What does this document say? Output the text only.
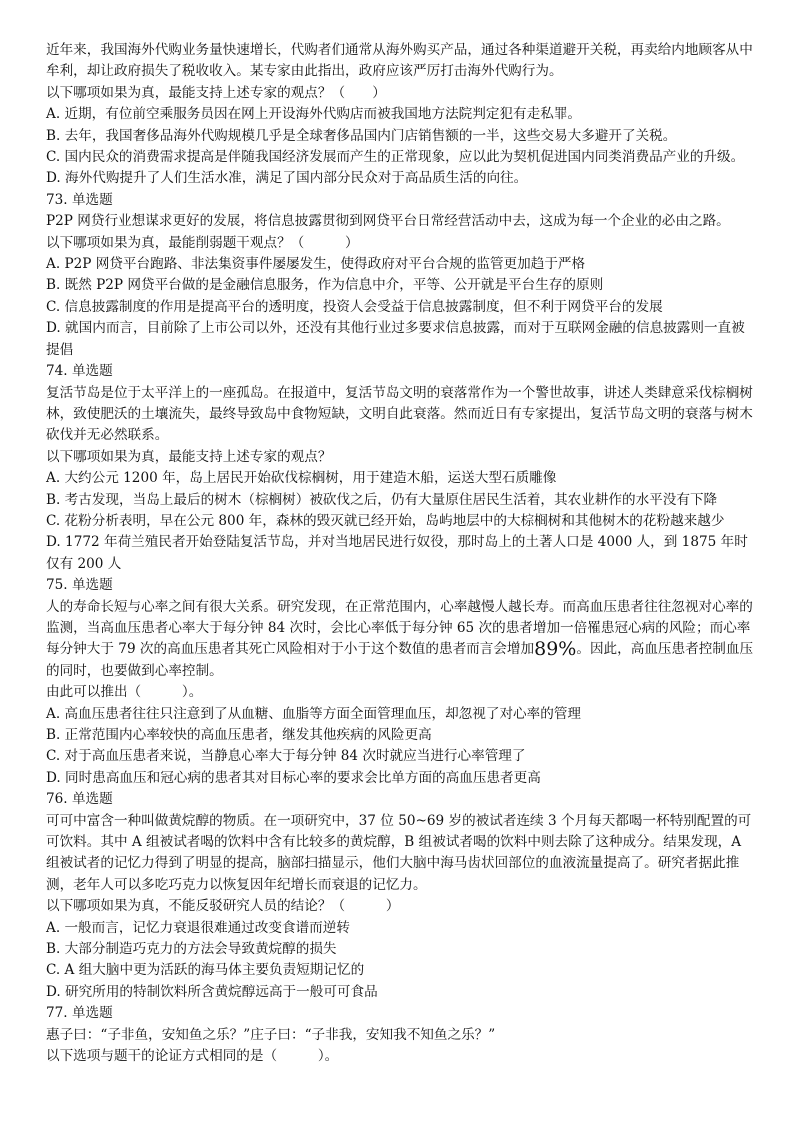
近年来，我国海外代购业务量快速增长，代购者们通常从海外购买产品，通过各种渠道避开关税，再卖给内地顾客从中牟利，却让政府损失了税收收入。某专家由此指出，政府应该严厉打击海外代购行为。

以下哪项如果为真，最能支持上述专家的观点？（　　）

A. 近期，有位前空乘服务员因在网上开设海外代购店而被我国地方法院判定犯有走私罪。

B. 去年，我国奢侈品海外代购规模几乎是全球奢侈品国内门店销售额的一半，这些交易大多避开了关税。

C. 国内民众的消费需求提高是伴随我国经济发展而产生的正常现象，应以此为契机促进国内同类消费品产业的升级。

D. 海外代购提升了人们生活水准，满足了国内部分民众对于高品质生活的向往。

73. 单选题

P2P 网贷行业想谋求更好的发展，将信息披露贯彻到网贷平台日常经营活动中去，这成为每一个企业的必由之路。

以下哪项如果为真，最能削弱题干观点？（　　　）

A. P2P 网贷平台跑路、非法集资事件屡屡发生，使得政府对平台合规的监管更加趋于严格

B. 既然 P2P 网贷平台做的是金融信息服务，作为信息中介，平等、公开就是平台生存的原则

C. 信息披露制度的作用是提高平台的透明度，投资人会受益于信息披露制度，但不利于网贷平台的发展

D. 就国内而言，目前除了上市公司以外，还没有其他行业过多要求信息披露，而对于互联网金融的信息披露则一直被提倡

74. 单选题

复活节岛是位于太平洋上的一座孤岛。在报道中，复活节岛文明的衰落常作为一个警世故事，讲述人类肆意采伐棕榈树林，致使肥沃的土壤流失，最终导致岛中食物短缺，文明自此衰落。然而近日有专家提出，复活节岛文明的衰落与树木砍伐并无必然联系。

以下哪项如果为真，最能支持上述专家的观点？

A. 大约公元 1200 年，岛上居民开始砍伐棕榈树，用于建造木船，运送大型石质雕像

B. 考古发现，当岛上最后的树木（棕榈树）被砍伐之后，仍有大量原住居民生活着，其农业耕作的水平没有下降

C. 花粉分析表明，早在公元 800 年，森林的毁灭就已经开始，岛屿地层中的大棕榈树和其他树木的花粉越来越少

D. 1772 年荷兰殖民者开始登陆复活节岛，并对当地居民进行奴役，那时岛上的土著人口是 4000 人，到 1875 年时仅有 200 人

75. 单选题

人的寿命长短与心率之间有很大关系。研究发现，在正常范围内，心率越慢人越长寿。而高血压患者往往忽视对心率的监测，当高血压患者心率大于每分钟 84 次时，会比心率低于每分钟 65 次的患者增加一倍罹患冠心病的风险；而心率每分钟大于 79 次的高血压患者其死亡风险相对于小于这个数值的患者而言会增加89%。因此，高血压患者控制血压的同时，也要做到心率控制。

由此可以推出（　　　）。

A. 高血压患者往往只注意到了从血糖、血脂等方面全面管理血压，却忽视了对心率的管理

B. 正常范围内心率较快的高血压患者，继发其他疾病的风险更高

C. 对于高血压患者来说，当静息心率大于每分钟 84 次时就应当进行心率管理了

D. 同时患高血压和冠心病的患者其对目标心率的要求会比单方面的高血压患者更高

76. 单选题

可可中富含一种叫做黄烷醇的物质。在一项研究中，37 位 50~69 岁的被试者连续 3 个月每天都喝一杯特别配置的可可饮料。其中 A 组被试者喝的饮料中含有比较多的黄烷醇，B 组被试者喝的饮料中则去除了这种成分。结果发现，A 组被试者的记忆力得到了明显的提高，脑部扫描显示，他们大脑中海马齿状回部位的血液流量提高了。研究者据此推测，老年人可以多吃巧克力以恢复因年纪增长而衰退的记忆力。

以下哪项如果为真，不能反驳研究人员的结论？（　　　）

A. 一般而言，记忆力衰退很难通过改变食谱而逆转

B. 大部分制造巧克力的方法会导致黄烷醇的损失

C. A 组大脑中更为活跃的海马体主要负责短期记忆的

D. 研究所用的特制饮料所含黄烷醇远高于一般可可食品

77. 单选题

惠子曰：“子非鱼，安知鱼之乐？”庄子曰：“子非我，安知我不知鱼之乐？”

以下选项与题干的论证方式相同的是（　　　）。
